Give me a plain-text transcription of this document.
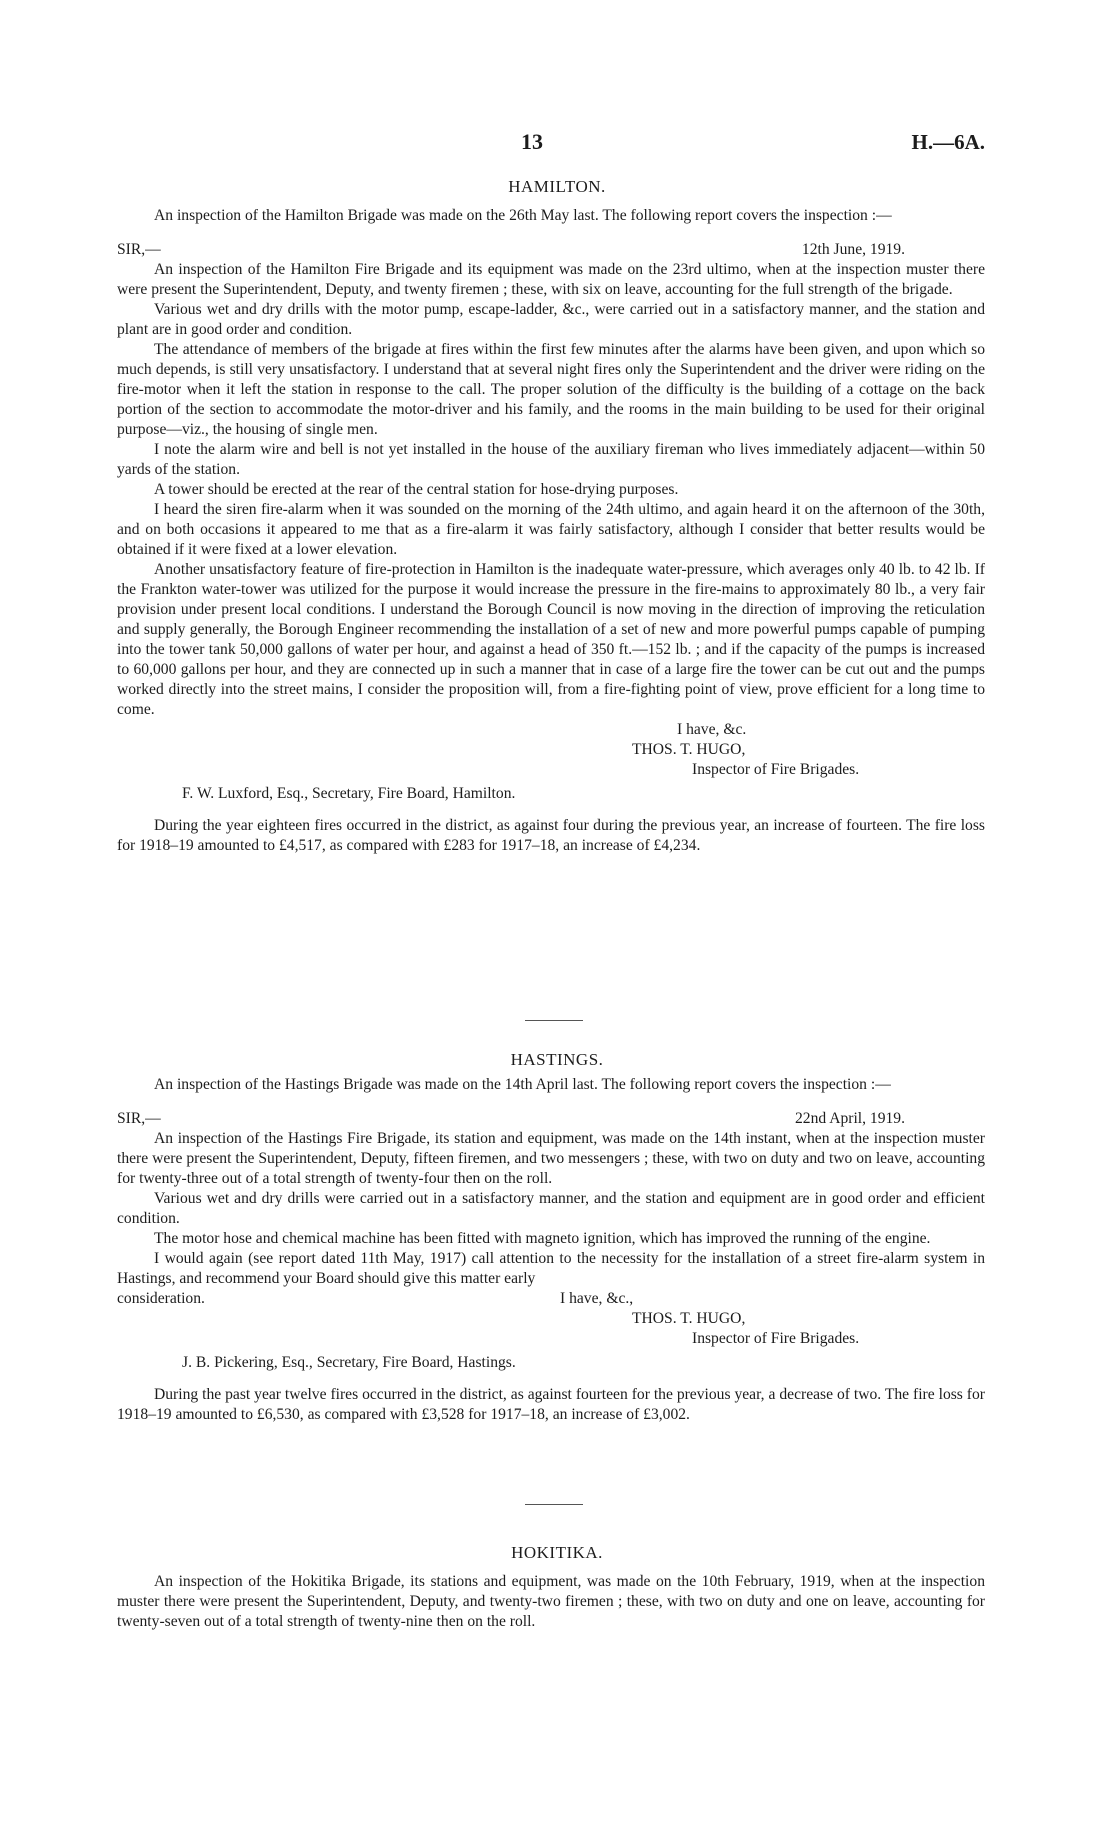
13	H.—6A.
HAMILTON.

An inspection of the Hamilton Brigade was made on the 26th May last. The following report covers the inspection :—

SIR,—	12th June, 1919.

An inspection of the Hamilton Fire Brigade and its equipment was made on the 23rd ultimo, when at the inspection muster there were present the Superintendent, Deputy, and twenty firemen ; these, with six on leave, accounting for the full strength of the brigade.

Various wet and dry drills with the motor pump, escape-ladder, &c., were carried out in a satisfactory manner, and the station and plant are in good order and condition.

The attendance of members of the brigade at fires within the first few minutes after the alarms have been given, and upon which so much depends, is still very unsatisfactory. I understand that at several night fires only the Superintendent and the driver were riding on the fire-motor when it left the station in response to the call. The proper solution of the difficulty is the building of a cottage on the back portion of the section to accommodate the motor-driver and his family, and the rooms in the main building to be used for their original purpose—viz., the housing of single men.

I note the alarm wire and bell is not yet installed in the house of the auxiliary fireman who lives immediately adjacent—within 50 yards of the station.

A tower should be erected at the rear of the central station for hose-drying purposes.

I heard the siren fire-alarm when it was sounded on the morning of the 24th ultimo, and again heard it on the afternoon of the 30th, and on both occasions it appeared to me that as a fire-alarm it was fairly satisfactory, although I consider that better results would be obtained if it were fixed at a lower elevation.

Another unsatisfactory feature of fire-protection in Hamilton is the inadequate water-pressure, which averages only 40 lb. to 42 lb. If the Frankton water-tower was utilized for the purpose it would increase the pressure in the fire-mains to approximately 80 lb., a very fair provision under present local conditions. I understand the Borough Council is now moving in the direction of improving the reticulation and supply generally, the Borough Engineer recommending the installation of a set of new and more powerful pumps capable of pumping into the tower tank 50,000 gallons of water per hour, and against a head of 350 ft.—152 lb. ; and if the capacity of the pumps is increased to 60,000 gallons per hour, and they are connected up in such a manner that in case of a large fire the tower can be cut out and the pumps worked directly into the street mains, I consider the proposition will, from a fire-fighting point of view, prove efficient for a long time to come.

I have, &c.

THOS. T. HUGO,

Inspector of Fire Brigades.

F. W. Luxford, Esq., Secretary, Fire Board, Hamilton.

During the year eighteen fires occurred in the district, as against four during the previous year, an increase of fourteen. The fire loss for 1918–19 amounted to £4,517, as compared with £283 for 1917–18, an increase of £4,234.

HASTINGS.

An inspection of the Hastings Brigade was made on the 14th April last. The following report covers the inspection :—

SIR,—	22nd April, 1919.

An inspection of the Hastings Fire Brigade, its station and equipment, was made on the 14th instant, when at the inspection muster there were present the Superintendent, Deputy, fifteen firemen, and two messengers ; these, with two on duty and two on leave, accounting for twenty-three out of a total strength of twenty-four then on the roll.

Various wet and dry drills were carried out in a satisfactory manner, and the station and equipment are in good order and efficient condition.

The motor hose and chemical machine has been fitted with magneto ignition, which has improved the running of the engine.

I would again (see report dated 11th May, 1917) call attention to the necessity for the installation of a street fire-alarm system in Hastings, and recommend your Board should give this matter early

consideration.	I have, &c.,

THOS. T. HUGO,

Inspector of Fire Brigades.

J. B. Pickering, Esq., Secretary, Fire Board, Hastings.

During the past year twelve fires occurred in the district, as against fourteen for the previous year, a decrease of two. The fire loss for 1918–19 amounted to £6,530, as compared with £3,528 for 1917–18, an increase of £3,002.

HOKITIKA.

An inspection of the Hokitika Brigade, its stations and equipment, was made on the 10th February, 1919, when at the inspection muster there were present the Superintendent, Deputy, and twenty-two firemen ; these, with two on duty and one on leave, accounting for twenty-seven out of a total strength of twenty-nine then on the roll.
